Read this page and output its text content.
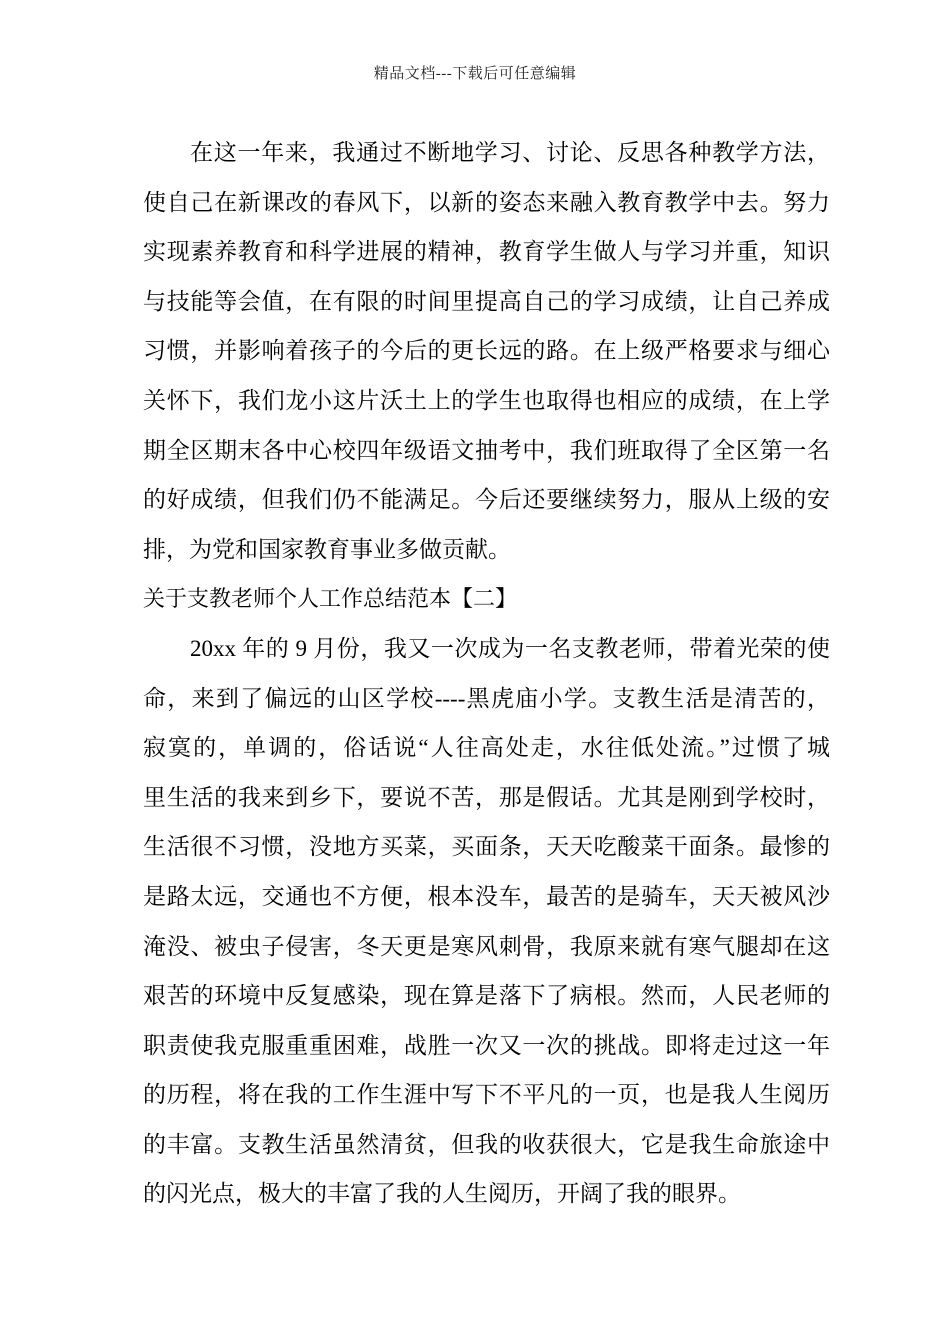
精品文档---下载后可任意编辑
在这一年来，我通过不断地学习、讨论、反思各种教学方法，
使自己在新课改的春风下，以新的姿态来融入教育教学中去。努力
实现素养教育和科学进展的精神，教育学生做人与学习并重，知识
与技能等会值，在有限的时间里提高自己的学习成绩，让自己养成
习惯，并影响着孩子的今后的更长远的路。在上级严格要求与细心
关怀下，我们龙小这片沃土上的学生也取得也相应的成绩，在上学
期全区期末各中心校四年级语文抽考中，我们班取得了全区第一名
的好成绩，但我们仍不能满足。今后还要继续努力，服从上级的安
排，为党和国家教育事业多做贡献。
关于支教老师个人工作总结范本【二】
20xx 年的 9 月份，我又一次成为一名支教老师，带着光荣的使
命，来到了偏远的山区学校----黑虎庙小学。支教生活是清苦的，
寂寞的，单调的，俗话说“人往高处走，水往低处流。”过惯了城
里生活的我来到乡下，要说不苦，那是假话。尤其是刚到学校时，
生活很不习惯，没地方买菜，买面条，天天吃酸菜干面条。最惨的
是路太远，交通也不方便，根本没车，最苦的是骑车，天天被风沙
淹没、被虫子侵害，冬天更是寒风刺骨，我原来就有寒气腿却在这
艰苦的环境中反复感染，现在算是落下了病根。然而，人民老师的
职责使我克服重重困难，战胜一次又一次的挑战。即将走过这一年
的历程，将在我的工作生涯中写下不平凡的一页，也是我人生阅历
的丰富。支教生活虽然清贫，但我的收获很大，它是我生命旅途中
的闪光点，极大的丰富了我的人生阅历，开阔了我的眼界。
